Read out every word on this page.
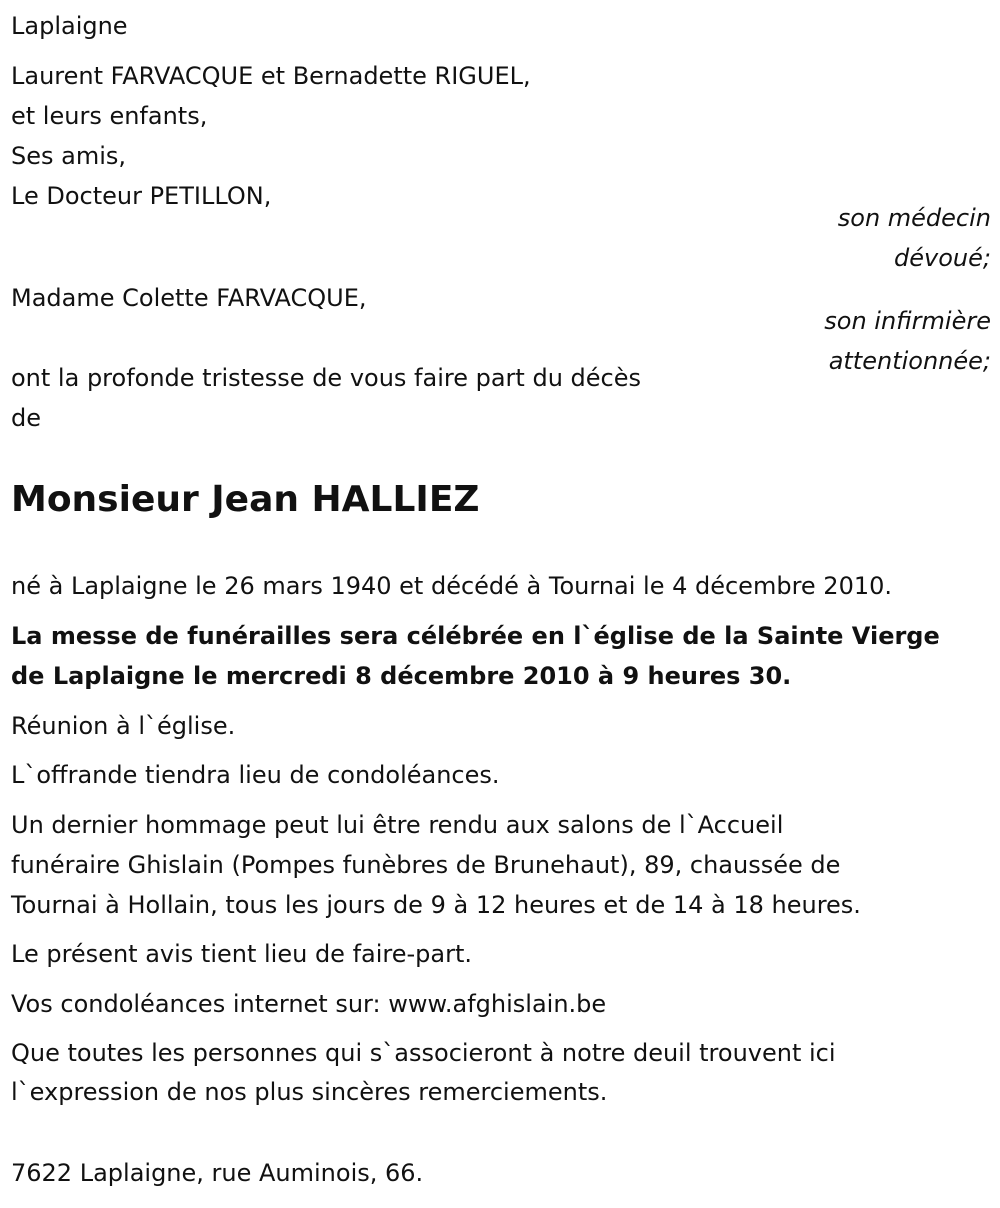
Laplaigne
Laurent FARVACQUE et Bernadette RIGUEL,
et leurs enfants,
Ses amis,
Le Docteur PETILLON,
son médecin
dévoué;
Madame Colette FARVACQUE,
son infirmière
attentionnée;
ont la profonde tristesse de vous faire part du décès
de
Monsieur Jean HALLIEZ
né à Laplaigne le 26 mars 1940 et décédé à Tournai le 4 décembre 2010.
La messe de funérailles sera célébrée en l`église de la Sainte Vierge
de Laplaigne le mercredi 8 décembre 2010 à 9 heures 30.
Réunion à l`église.
L`offrande tiendra lieu de condoléances.
Un dernier hommage peut lui être rendu aux salons de l`Accueil
funéraire Ghislain (Pompes funèbres de Brunehaut), 89, chaussée de
Tournai à Hollain, tous les jours de 9 à 12 heures et de 14 à 18 heures.
Le présent avis tient lieu de faire-part.
Vos condoléances internet sur: www.afghislain.be
Que toutes les personnes qui s`associeront à notre deuil trouvent ici
l`expression de nos plus sincères remerciements.
7622 Laplaigne, rue Auminois, 66.
